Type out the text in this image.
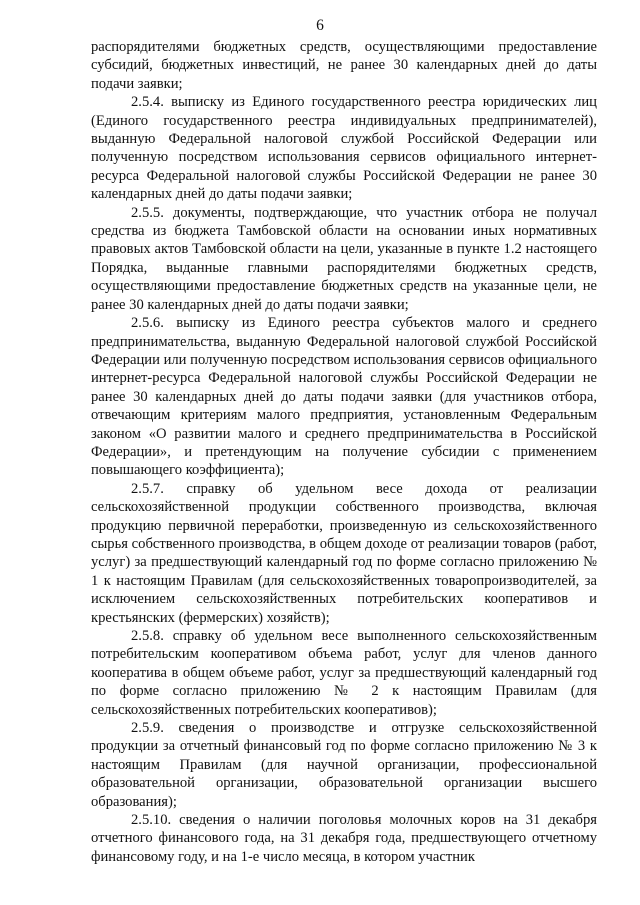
6

распорядителями бюджетных средств, осуществляющими предоставление субсидий, бюджетных инвестиций, не ранее 30 календарных дней до даты подачи заявки;

2.5.4. выписку из Единого государственного реестра юридических лиц (Единого государственного реестра индивидуальных предпринимателей), выданную Федеральной налоговой службой Российской Федерации или полученную посредством использования сервисов официального интернет-ресурса Федеральной налоговой службы Российской Федерации не ранее 30 календарных дней до даты подачи заявки;

2.5.5. документы, подтверждающие, что участник отбора не получал средства из бюджета Тамбовской области на основании иных нормативных правовых актов Тамбовской области на цели, указанные в пункте 1.2 настоящего Порядка, выданные главными распорядителями бюджетных средств, осуществляющими предоставление бюджетных средств на указанные цели, не ранее 30 календарных дней до даты подачи заявки;

2.5.6. выписку из Единого реестра субъектов малого и среднего предпринимательства, выданную Федеральной налоговой службой Российской Федерации или полученную посредством использования сервисов официального интернет-ресурса Федеральной налоговой службы Российской Федерации не ранее 30 календарных дней до даты подачи заявки (для участников отбора, отвечающим критериям малого предприятия, установленным Федеральным законом «О развитии малого и среднего предпринимательства в Российской Федерации», и претендующим на получение субсидии с применением повышающего коэффициента);

2.5.7. справку об удельном весе дохода от реализации сельскохозяйственной продукции собственного производства, включая продукцию первичной переработки, произведенную из сельскохозяйственного сырья собственного производства, в общем доходе от реализации товаров (работ, услуг) за предшествующий календарный год по форме согласно приложению № 1 к настоящим Правилам (для сельскохозяйственных товаропроизводителей, за исключением сельскохозяйственных потребительских кооперативов и крестьянских (фермерских) хозяйств);

2.5.8. справку об удельном весе выполненного сельскохозяйственным потребительским кооперативом объема работ, услуг для членов данного кооператива в общем объеме работ, услуг за предшествующий календарный год по форме согласно приложению № 2 к настоящим Правилам (для сельскохозяйственных потребительских кооперативов);

2.5.9. сведения о производстве и отгрузке сельскохозяйственной продукции за отчетный финансовый год по форме согласно приложению № 3 к настоящим Правилам (для научной организации, профессиональной образовательной организации, образовательной организации высшего образования);

2.5.10. сведения о наличии поголовья молочных коров на 31 декабря отчетного финансового года, на 31 декабря года, предшествующего отчетному финансовому году, и на 1-е число месяца, в котором участник
